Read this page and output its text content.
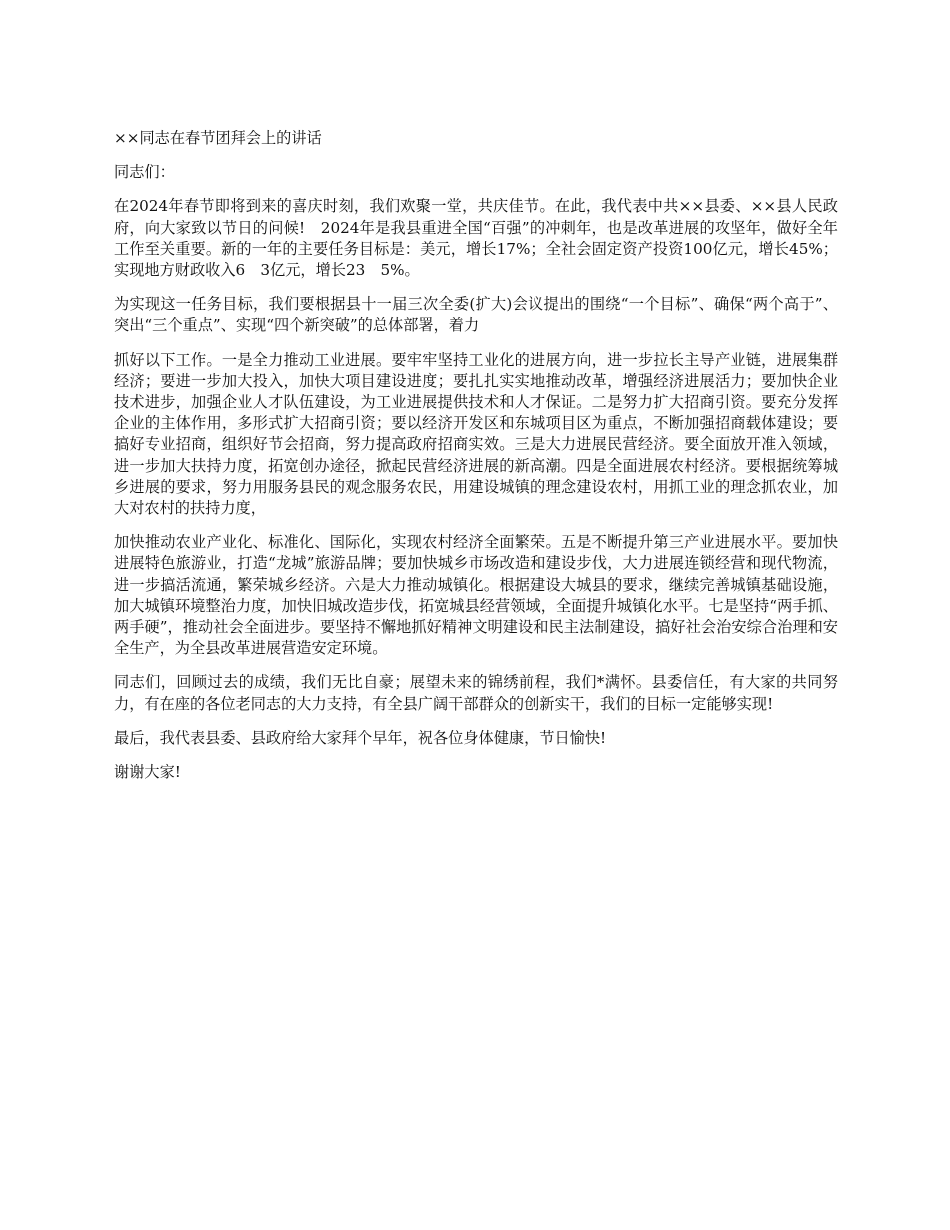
××同志在春节团拜会上的讲话

同志们：

在2024年春节即将到来的喜庆时刻，我们欢聚一堂，共庆佳节。在此，我代表中共××县委、××县人民政府，向大家致以节日的问候!　2024年是我县重进全国“百强”的冲刺年，也是改革进展的攻坚年，做好全年工作至关重要。新的一年的主要任务目标是：美元，增长17%；全社会固定资产投资100亿元，增长45%；实现地方财政收入6　3亿元，增长23　5%。

为实现这一任务目标，我们要根据县十一届三次全委(扩大)会议提出的围绕“一个目标”、确保“两个高于”、突出“三个重点”、实现“四个新突破”的总体部署，着力

抓好以下工作。一是全力推动工业进展。要牢牢坚持工业化的进展方向，进一步拉长主导产业链，进展集群经济；要进一步加大投入，加快大项目建设进度；要扎扎实实地推动改革，增强经济进展活力；要加快企业技术进步，加强企业人才队伍建设，为工业进展提供技术和人才保证。二是努力扩大招商引资。要充分发挥企业的主体作用，多形式扩大招商引资；要以经济开发区和东城项目区为重点，不断加强招商载体建设；要搞好专业招商，组织好节会招商，努力提高政府招商实效。三是大力进展民营经济。要全面放开准入领域，进一步加大扶持力度，拓宽创办途径，掀起民营经济进展的新高潮。四是全面进展农村经济。要根据统筹城乡进展的要求，努力用服务县民的观念服务农民，用建设城镇的理念建设农村，用抓工业的理念抓农业，加大对农村的扶持力度，

加快推动农业产业化、标准化、国际化，实现农村经济全面繁荣。五是不断提升第三产业进展水平。要加快进展特色旅游业，打造“龙城”旅游品牌；要加快城乡市场改造和建设步伐，大力进展连锁经营和现代物流，进一步搞活流通，繁荣城乡经济。六是大力推动城镇化。根据建设大城县的要求，继续完善城镇基础设施，加大城镇环境整治力度，加快旧城改造步伐，拓宽城县经营领域，全面提升城镇化水平。七是坚持“两手抓、两手硬”，推动社会全面进步。要坚持不懈地抓好精神文明建设和民主法制建设，搞好社会治安综合治理和安全生产，为全县改革进展营造安定环境。

同志们，回顾过去的成绩，我们无比自豪；展望未来的锦绣前程，我们*满怀。县委信任，有大家的共同努力，有在座的各位老同志的大力支持，有全县广阔干部群众的创新实干，我们的目标一定能够实现!

最后，我代表县委、县政府给大家拜个早年，祝各位身体健康，节日愉快!

谢谢大家!
